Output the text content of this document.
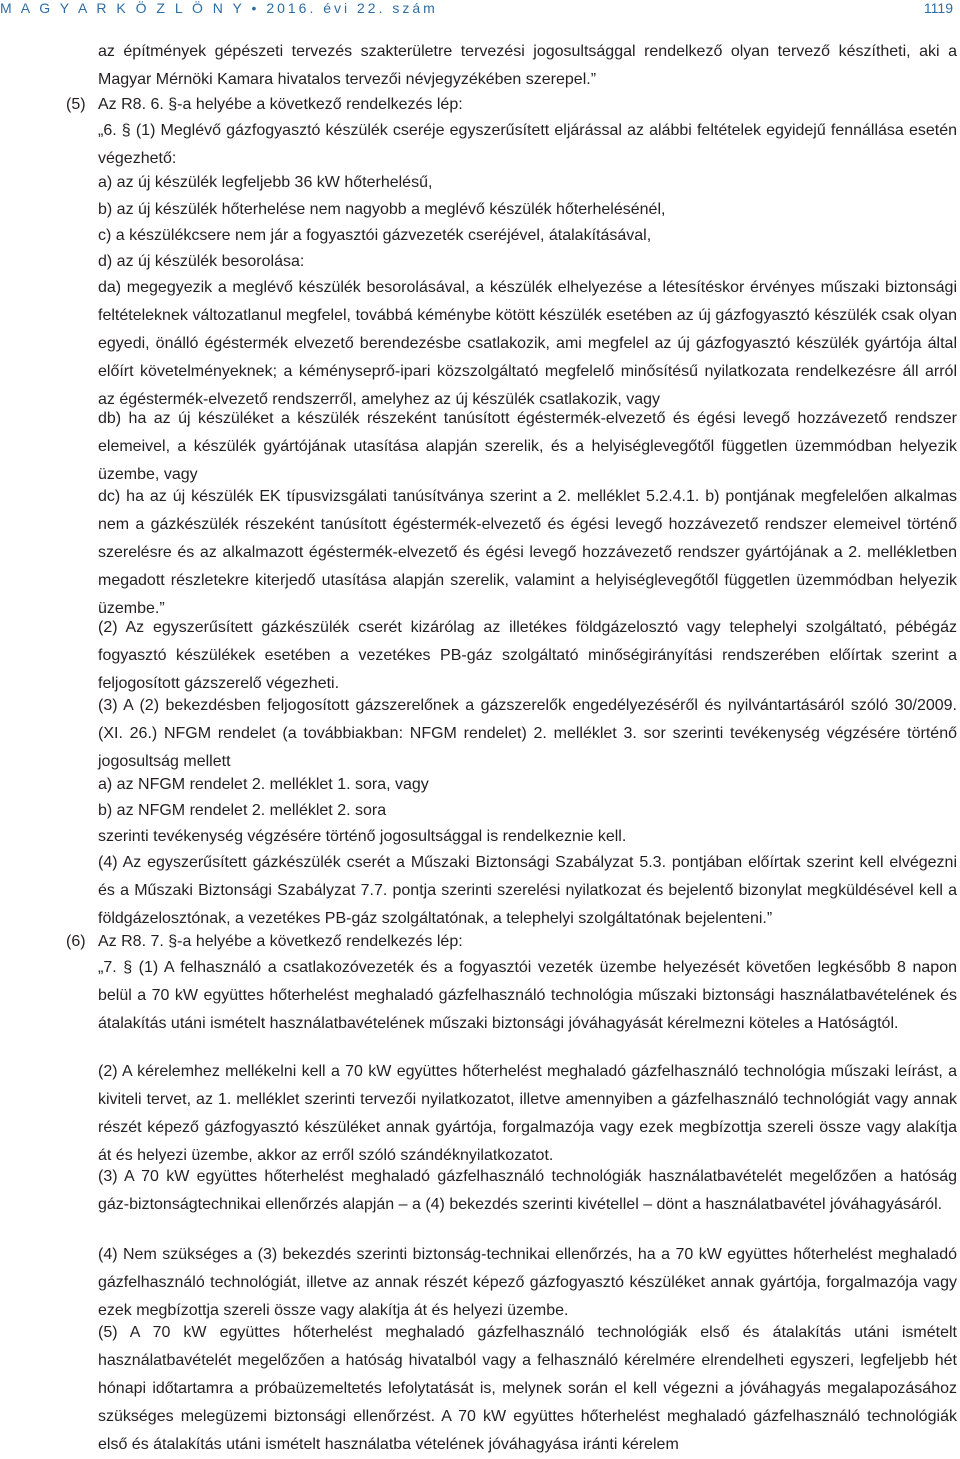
M A G Y A R K Ö Z L Ö N Y • 2016. évi 22. szám	1119

az építmények gépészeti tervezés szakterületre tervezési jogosultsággal rendelkező olyan tervező készítheti, aki a Magyar Mérnöki Kamara hivatalos tervezői névjegyzékében szerepel.”

(5) Az R8. 6. §-a helyébe a következő rendelkezés lép:

„6. § (1) Meglévő gázfogyasztó készülék cseréje egyszerűsített eljárással az alábbi feltételek egyidejű fennállása esetén végezhető:

a) az új készülék legfeljebb 36 kW hőterhelésű,

b) az új készülék hőterhelése nem nagyobb a meglévő készülék hőterhelésénél,

c) a készülékcsere nem jár a fogyasztói gázvezeték cseréjével, átalakításával,

d) az új készülék besorolása:

da) megegyezik a meglévő készülék besorolásával, a készülék elhelyezése a létesítéskor érvényes műszaki biztonsági feltételeknek változatlanul megfelel, továbbá kéménybe kötött készülék esetében az új gázfogyasztó készülék csak olyan egyedi, önálló égéstermék elvezető berendezésbe csatlakozik, ami megfelel az új gázfogyasztó készülék gyártója által előírt követelményeknek; a kéményseprő-ipari közszolgáltató megfelelő minősítésű nyilatkozata rendelkezésre áll arról az égéstermék-elvezető rendszerről, amelyhez az új készülék csatlakozik, vagy

db) ha az új készüléket a készülék részeként tanúsított égéstermék-elvezető és égési levegő hozzávezető rendszer elemeivel, a készülék gyártójának utasítása alapján szerelik, és a helyiséglevegőtől független üzemmódban helyezik üzembe, vagy

dc) ha az új készülék EK típusvizsgálati tanúsítványa szerint a 2. melléklet 5.2.4.1. b) pontjának megfelelően alkalmas nem a gázkészülék részeként tanúsított égéstermék-elvezető és égési levegő hozzávezető rendszer elemeivel történő szerelésre és az alkalmazott égéstermék-elvezető és égési levegő hozzávezető rendszer gyártójának a 2. mellékletben megadott részletekre kiterjedő utasítása alapján szerelik, valamint a helyiséglevegőtől független üzemmódban helyezik üzembe.”

(2) Az egyszerűsített gázkészülék cserét kizárólag az illetékes földgázelosztó vagy telephelyi szolgáltató, pébégáz fogyasztó készülékek esetében a vezetékes PB-gáz szolgáltató minőségirányítási rendszerében előírtak szerint a feljogosított gázszerelő végezheti.

(3) A (2) bekezdésben feljogosított gázszerelőnek a gázszerelők engedélyezéséről és nyilvántartásáról szóló 30/2009. (XI. 26.) NFGM rendelet (a továbbiakban: NFGM rendelet) 2. melléklet 3. sor szerinti tevékenység végzésére történő jogosultság mellett

a) az NFGM rendelet 2. melléklet 1. sora, vagy

b) az NFGM rendelet 2. melléklet 2. sora

szerinti tevékenység végzésére történő jogosultsággal is rendelkeznie kell.

(4) Az egyszerűsített gázkészülék cserét a Műszaki Biztonsági Szabályzat 5.3. pontjában előírtak szerint kell elvégezni és a Műszaki Biztonsági Szabályzat 7.7. pontja szerinti szerelési nyilatkozat és bejelentő bizonylat megküldésével kell a földgázelosztónak, a vezetékes PB-gáz szolgáltatónak, a telephelyi szolgáltatónak bejelenteni.”

(6) Az R8. 7. §-a helyébe a következő rendelkezés lép:

„7. § (1) A felhasználó a csatlakozóvezeték és a fogyasztói vezeték üzembe helyezését követően legkésőbb 8 napon belül a 70 kW együttes hőterhelést meghaladó gázfelhasználó technológia műszaki biztonsági használatbavételének és átalakítás utáni ismételt használatbavételének műszaki biztonsági jóváhagyását kérelmezni köteles a Hatóságtól.

(2) A kérelemhez mellékelni kell a 70 kW együttes hőterhelést meghaladó gázfelhasználó technológia műszaki leírást, a kiviteli tervet, az 1. melléklet szerinti tervezői nyilatkozatot, illetve amennyiben a gázfelhasználó technológiát vagy annak részét képező gázfogyasztó készüléket annak gyártója, forgalmazója vagy ezek megbízottja szereli össze vagy alakítja át és helyezi üzembe, akkor az erről szóló szándéknyilatkozatot.

(3) A 70 kW együttes hőterhelést meghaladó gázfelhasználó technológiák használatbavételét megelőzően a hatóság gáz-biztonságtechnikai ellenőrzés alapján – a (4) bekezdés szerinti kivétellel – dönt a használatbavétel jóváhagyásáról.

(4) Nem szükséges a (3) bekezdés szerinti biztonság-technikai ellenőrzés, ha a 70 kW együttes hőterhelést meghaladó gázfelhasználó technológiát, illetve az annak részét képező gázfogyasztó készüléket annak gyártója, forgalmazója vagy ezek megbízottja szereli össze vagy alakítja át és helyezi üzembe.

(5) A 70 kW együttes hőterhelést meghaladó gázfelhasználó technológiák első és átalakítás utáni ismételt használatbavételét megelőzően a hatóság hivatalból vagy a felhasználó kérelmére elrendelheti egyszeri, legfeljebb hét hónapi időtartamra a próbaüzemeltetés lefolytatását is, melynek során el kell végezni a jóváhagyás megalapozásához szükséges melegüzemi biztonsági ellenőrzést. A 70 kW együttes hőterhelést meghaladó gázfelhasználó technológiák első és átalakítás utáni ismételt használatba vételének jóváhagyása iránti kérelem
